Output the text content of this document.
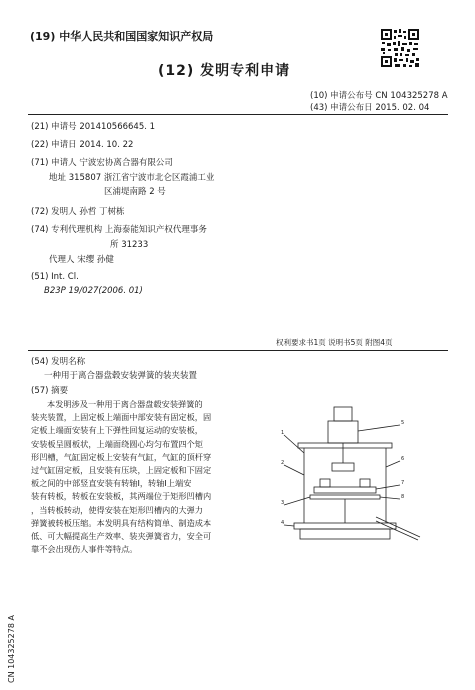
(19) 中华人民共和国国家知识产权局
(12) 发明专利申请
(10) 申请公布号 CN 104325278 A
(43) 申请公布日 2015. 02. 04
(21) 申请号 201410566645. 1
(22) 申请日 2014. 10. 22
(71) 申请人 宁波宏协离合器有限公司
地址 315807 浙江省宁波市北仑区霞浦工业
区浦堤南路 2 号
(72) 发明人 孙哲 丁树栋
(74) 专利代理机构 上海泰能知识产权代理事务
所 31233
代理人 宋缨 孙健
(51) Int. Cl.
B23P 19/027(2006. 01)
权利要求书1页 说明书5页 附图4页
(54) 发明名称
一种用于离合器盘毂安装弹簧的装夹装置
(57) 摘要

本发明涉及一种用于离合器盘毂安装弹簧的

装夹装置，上固定板上端面中部安装有固定板，固

定板上端面安装有上下弹性回复运动的安装板，

安装板呈圆板状，上端面绕圆心均匀布置四个矩

形凹槽，气缸固定板上安装有气缸，气缸的顶杆穿

过气缸固定板，且安装有压块，上固定板和下固定

板之间的中部竖直安装有转轴Ⅰ，转轴Ⅰ上端安

装有转板，转板在安装板，其两端位于矩形凹槽内

，当转板转动，使得安装在矩形凹槽内的大弹力

弹簧被转板压缩。本发明具有结构简单、制造成本

低、可大幅提高生产效率、装夹弹簧省力，安全可

靠不会出现伤人事件等特点。

1
2
3
4
5
6
7
8
CN 104325278 A
